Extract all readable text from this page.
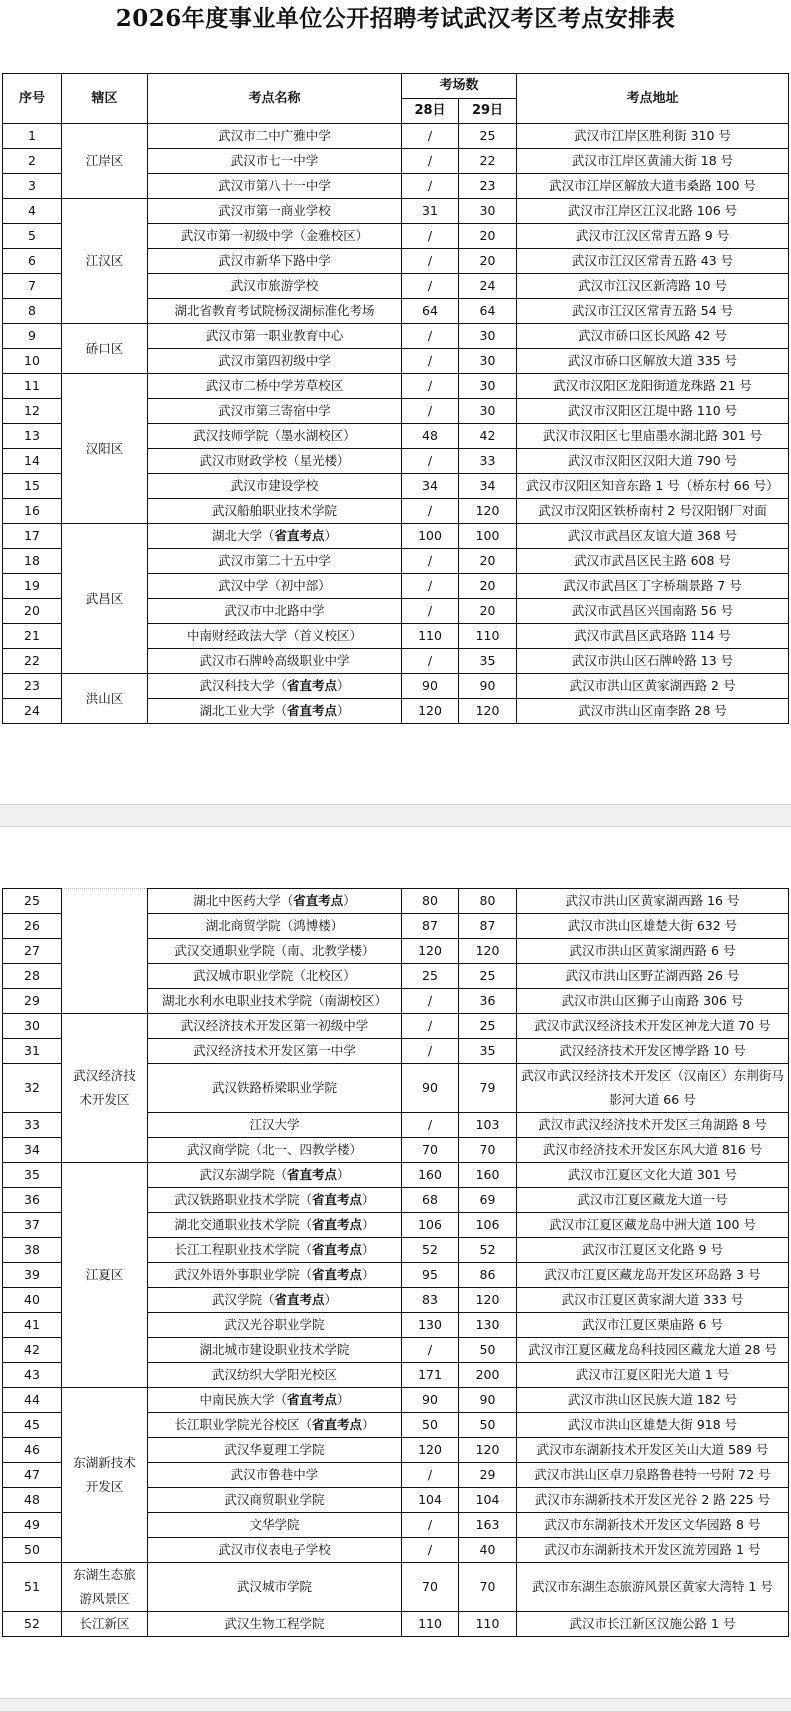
2026年度事业单位公开招聘考试武汉考区考点安排表
序号	辖区	考点名称	考场数		考点地址
			28日	29日	
1	江岸区	武汉市二中广雅中学	/	25	武汉市江岸区胜利街 310 号
2		武汉市七一中学	/	22	武汉市江岸区黄浦大街 18 号
3		武汉市第八十一中学	/	23	武汉市江岸区解放大道韦桑路 100 号
4	江汉区	武汉市第一商业学校	31	30	武汉市江岸区江汉北路 106 号
5		武汉市第一初级中学（金雅校区）	/	20	武汉市江汉区常青五路 9 号
6		武汉市新华下路中学	/	20	武汉市江汉区常青五路 43 号
7		武汉市旅游学校	/	24	武汉市江汉区新湾路 10 号
8		湖北省教育考试院杨汊湖标准化考场	64	64	武汉市江汉区常青五路 54 号
9	硚口区	武汉市第一职业教育中心	/	30	武汉市硚口区长风路 42 号
10		武汉市第四初级中学	/	30	武汉市硚口区解放大道 335 号
11	汉阳区	武汉市二桥中学芳草校区	/	30	武汉市汉阳区龙阳街道龙珠路 21 号
12		武汉市第三寄宿中学	/	30	武汉市汉阳区江堤中路 110 号
13		武汉技师学院（墨水湖校区）	48	42	武汉市汉阳区七里庙墨水湖北路 301 号
14		武汉市财政学校（星光楼）	/	33	武汉市汉阳区汉阳大道 790 号
15		武汉市建设学校	34	34	武汉市汉阳区知音东路 1 号（桥东村 66 号）
16		武汉船舶职业技术学院	/	120	武汉市汉阳区铁桥南村 2 号汉阳钢厂对面
17	武昌区	湖北大学 （ 省直考点 ）	100	100	武汉市武昌区友谊大道 368 号
18		武汉市第二十五中学	/	20	武汉市武昌区民主路 608 号
19		武汉中学（初中部）	/	20	武汉市武昌区丁字桥瑞景路 7 号
20		武汉市中北路中学	/	20	武汉市武昌区兴国南路 56 号
21		中南财经政法大学（首义校区）	110	110	武汉市武昌区武珞路 114 号
22		武汉市石牌岭高级职业中学	/	35	武汉市洪山区石牌岭路 13 号
23	洪山区	武汉科技大学 （ 省直考点 ）	90	90	武汉市洪山区黄家湖西路 2 号
24		湖北工业大学 （ 省直考点 ）	120	120	武汉市洪山区南李路 28 号
25		湖北中医药大学 （ 省直考点 ）	80	80	武汉市洪山区黄家湖西路 16 号
26		湖北商贸学院（鸿博楼）	87	87	武汉市洪山区雄楚大街 632 号
27		武汉交通职业学院（南、北教学楼）	120	120	武汉市洪山区黄家湖西路 6 号
28		武汉城市职业学院（北校区）	25	25	武汉市洪山区野芷湖西路 26 号
29		湖北水利水电职业技术学院（南湖校区）	/	36	武汉市洪山区狮子山南路 306 号
30	武汉经济技术开发区	武汉经济技术开发区第一初级中学	/	25	武汉市武汉经济技术开发区神龙大道 70 号
31		武汉经济技术开发区第一中学	/	35	武汉经济技术开发区博学路 10 号
32		武汉铁路桥梁职业学院	90	79	武汉市武汉经济技术开发区（汉南区）东荆街马影河大道 66 号
33		江汉大学	/	103	武汉市武汉经济技术开发区三角湖路 8 号
34		武汉商学院（北一、四教学楼）	70	70	武汉市经济技术开发区东风大道 816 号
35	江夏区	武汉东湖学院 （ 省直考点 ）	160	160	武汉市江夏区文化大道 301 号
36		武汉铁路职业技术学院 （ 省直考点 ）	68	69	武汉市江夏区藏龙大道一号
37		湖北交通职业技术学院 （ 省直考点 ）	106	106	武汉市江夏区藏龙岛中洲大道 100 号
38		长江工程职业技术学院 （ 省直考点 ）	52	52	武汉市江夏区文化路 9 号
39		武汉外语外事职业学院 （ 省直考点 ）	95	86	武汉市江夏区藏龙岛开发区环岛路 3 号
40		武汉学院 （ 省直考点 ）	83	120	武汉市江夏区黄家湖大道 333 号
41		武汉光谷职业学院	130	130	武汉市江夏区栗庙路 6 号
42		湖北城市建设职业技术学院	/	50	武汉市江夏区藏龙岛科技园区藏龙大道 28 号
43		武汉纺织大学阳光校区	171	200	武汉市江夏区阳光大道 1 号
44	东湖新技术开发区	中南民族大学 （ 省直考点 ）	90	90	武汉市洪山区民族大道 182 号
45		长江职业学院光谷校区 （ 省直考点 ）	50	50	武汉市洪山区雄楚大街 918 号
46		武汉华夏理工学院	120	120	武汉市东湖新技术开发区关山大道 589 号
47		武汉市鲁巷中学	/	29	武汉市洪山区卓刀泉路鲁巷特一号附 72 号
48		武汉商贸职业学院	104	104	武汉市东湖新技术开发区光谷 2 路 225 号
49		文华学院	/	163	武汉市东湖新技术开发区文华园路 8 号
50		武汉市仪表电子学校	/	40	武汉市东湖新技术开发区流芳园路 1 号
51	东湖生态旅游风景区	武汉城市学院	70	70	武汉市东湖生态旅游风景区黄家大湾特 1 号
52	长江新区	武汉生物工程学院	110	110	武汉市长江新区汉施公路 1 号
